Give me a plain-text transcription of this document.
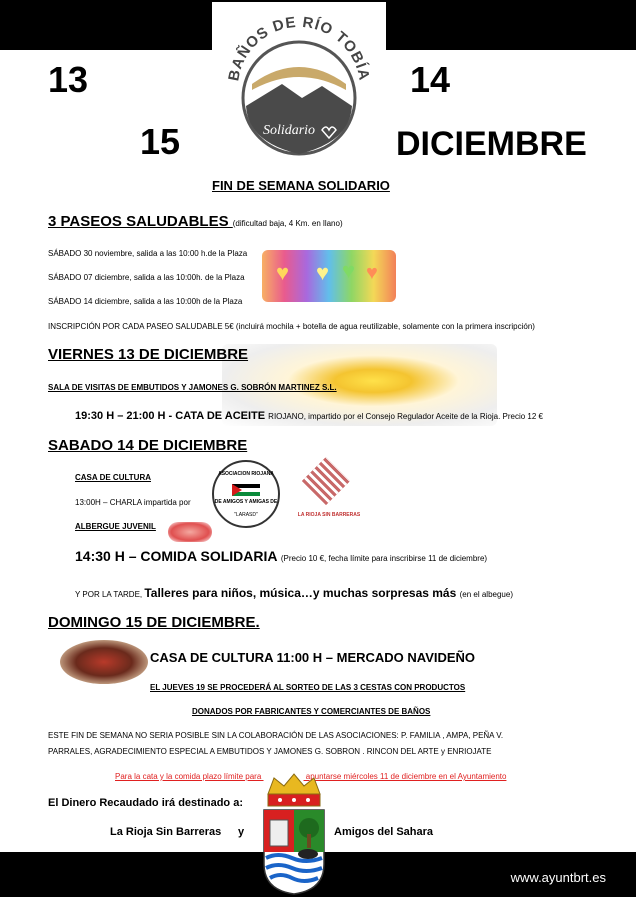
www.ayuntbrt.es
BAÑOS DE RÍO TOBÍA
Solidario
13	14
15	DICIEMBRE
FIN DE SEMANA SOLIDARIO
3 PASEOS SALUDABLES (dificultad baja, 4 Km. en llano)
SÁBADO 30 noviembre, salida a las 10:00 h.de la Plaza
SÁBADO 07 diciembre, salida a las 10:00h. de la Plaza
SÁBADO 14 diciembre, salida a las 10:00h de la Plaza
♥ ♥ ♥ ♥
INSCRIPCIÓN POR CADA PASEO SALUDABLE 5€ (incluirá mochila + botella de agua reutilizable, solamente con la primera inscripción)
VIERNES 13 DE DICIEMBRE
SALA DE VISITAS DE EMBUTIDOS Y JAMONES G. SOBRÓN MARTINEZ S.L.
19:30 H – 21:00 H - CATA DE ACEITE RIOJANO, impartido por el Consejo Regulador Aceite de la Rioja. Precio 12 €
SABADO 14 DE DICIEMBRE
CASA DE CULTURA
13:00H – CHARLA impartida por
ASOCIACION RIOJANA
DE AMIGOS Y AMIGAS DE
"LARASD"	LA RIOJA SIN BARRERAS
ALBERGUE JUVENIL
14:30 H – COMIDA SOLIDARIA (Precio 10 €, fecha límite para inscribirse 11 de diciembre)
Y POR LA TARDE, Talleres para niños, música…y muchas sorpresas más (en el albegue)
DOMINGO 15 DE DICIEMBRE.
CASA DE CULTURA 11:00 H – MERCADO NAVIDEÑO
EL JUEVES 19 SE PROCEDERÁ AL SORTEO DE LAS 3 CESTAS CON PRODUCTOS
DONADOS POR FABRICANTES Y COMERCIANTES DE BAÑOS
ESTE FIN DE SEMANA NO SERIA POSIBLE SIN LA COLABORACIÓN DE LAS ASOCIACIONES: P. FAMILIA , AMPA, PEÑA V.
PARRALES, AGRADECIMIENTO ESPECIAL A EMBUTIDOS Y JAMONES G. SOBRON . RINCON DEL ARTE y ENRIOJATE
Para la cata y la comida plazo límite para	apuntarse miércoles 11 de diciembre en el Ayuntamiento
El Dinero Recaudado irá destinado a:
La Rioja Sin Barreras y	Amigos del Sahara
